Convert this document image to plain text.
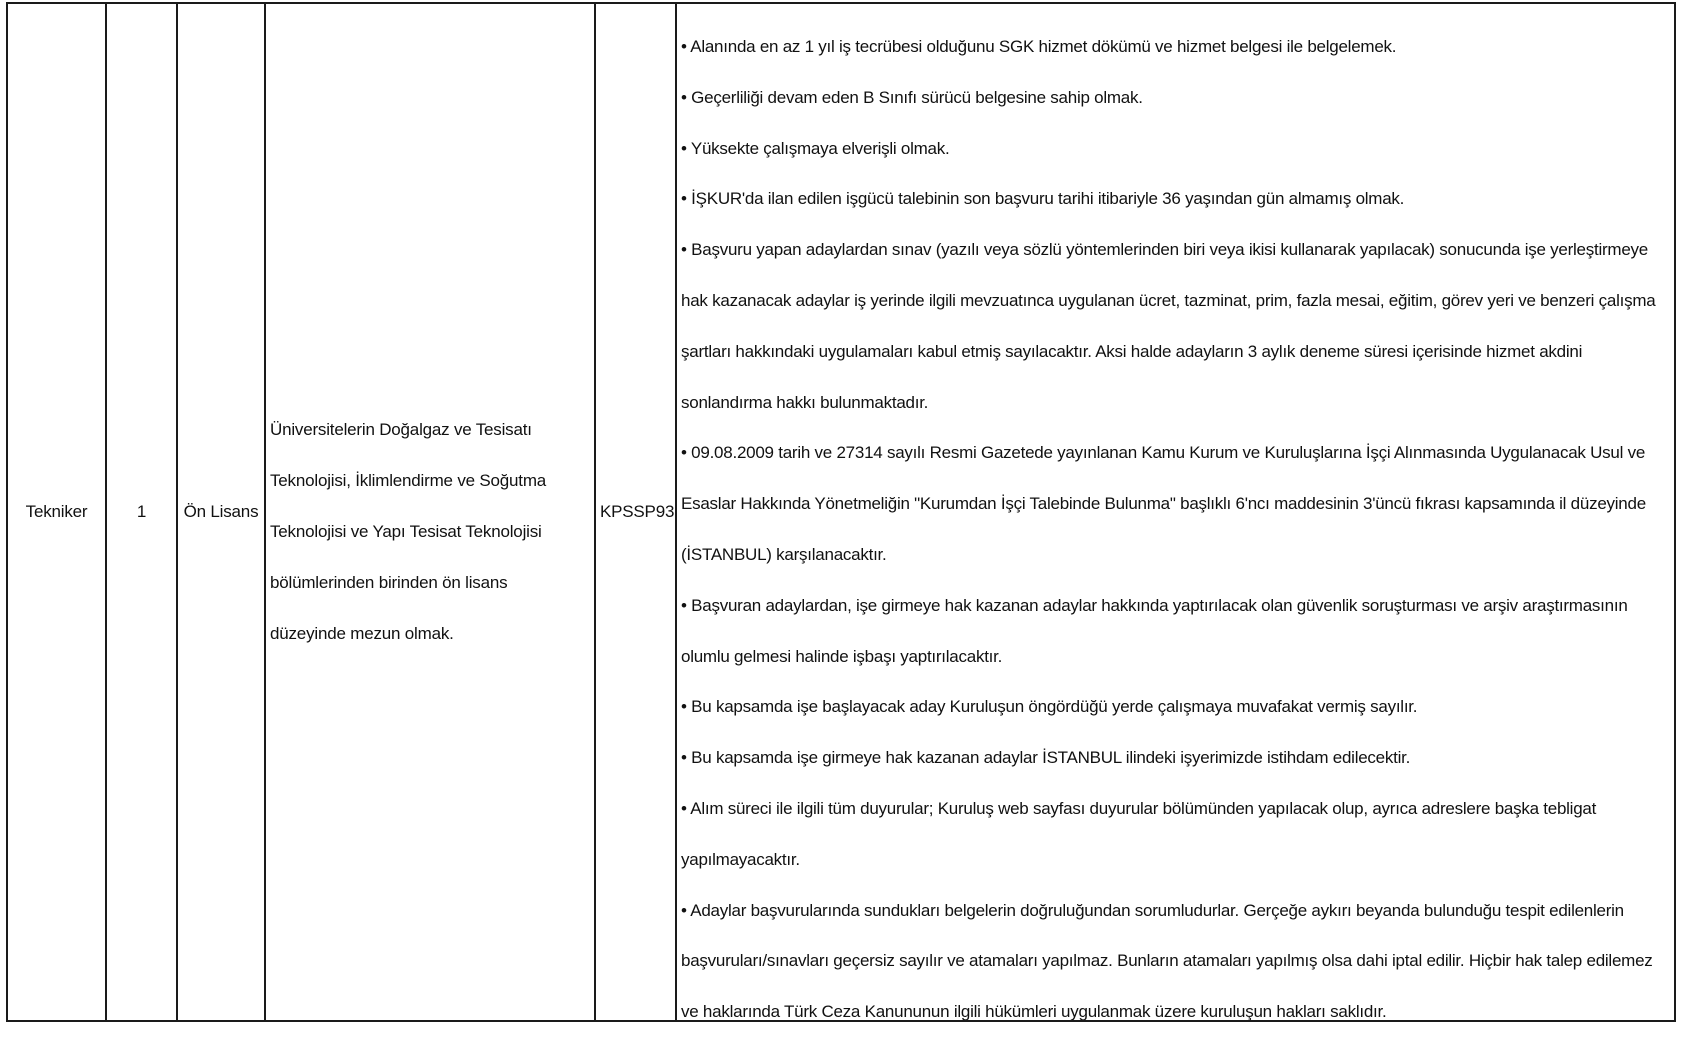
Tekniker	1	Ön Lisans
Üniversitelerin Doğalgaz ve Tesisatı Teknolojisi, İklimlendirme ve Soğutma Teknolojisi ve Yapı Tesisat Teknolojisi bölümlerinden birinden ön lisans düzeyinde mezun olmak.
KPSSP93
• Alanında en az 1 yıl iş tecrübesi olduğunu SGK hizmet dökümü ve hizmet belgesi ile belgelemek.
• Geçerliliği devam eden B Sınıfı sürücü belgesine sahip olmak.
• Yüksekte çalışmaya elverişli olmak.
• İŞKUR'da ilan edilen işgücü talebinin son başvuru tarihi itibariyle 36 yaşından gün almamış olmak.
• Başvuru yapan adaylardan sınav (yazılı veya sözlü yöntemlerinden biri veya ikisi kullanarak yapılacak) sonucunda işe yerleştirmeye hak kazanacak adaylar iş yerinde ilgili mevzuatınca uygulanan ücret, tazminat, prim, fazla mesai, eğitim, görev yeri ve benzeri çalışma şartları hakkındaki uygulamaları kabul etmiş sayılacaktır. Aksi halde adayların 3 aylık deneme süresi içerisinde hizmet akdini sonlandırma hakkı bulunmaktadır.
• 09.08.2009 tarih ve 27314 sayılı Resmi Gazetede yayınlanan Kamu Kurum ve Kuruluşlarına İşçi Alınmasında Uygulanacak Usul ve Esaslar Hakkında Yönetmeliğin "Kurumdan İşçi Talebinde Bulunma" başlıklı 6'ncı maddesinin 3'üncü fıkrası kapsamında il düzeyinde (İSTANBUL) karşılanacaktır.
• Başvuran adaylardan, işe girmeye hak kazanan adaylar hakkında yaptırılacak olan güvenlik soruşturması ve arşiv araştırmasının olumlu gelmesi halinde işbaşı yaptırılacaktır.
• Bu kapsamda işe başlayacak aday Kuruluşun öngördüğü yerde çalışmaya muvafakat vermiş sayılır.
• Bu kapsamda işe girmeye hak kazanan adaylar İSTANBUL ilindeki işyerimizde istihdam edilecektir.
• Alım süreci ile ilgili tüm duyurular; Kuruluş web sayfası duyurular bölümünden yapılacak olup, ayrıca adreslere başka tebligat yapılmayacaktır.
• Adaylar başvurularında sundukları belgelerin doğruluğundan sorumludurlar. Gerçeğe aykırı beyanda bulunduğu tespit edilenlerin başvuruları/sınavları geçersiz sayılır ve atamaları yapılmaz. Bunların atamaları yapılmış olsa dahi iptal edilir. Hiçbir hak talep edilemez ve haklarında Türk Ceza Kanununun ilgili hükümleri uygulanmak üzere kuruluşun hakları saklıdır.
